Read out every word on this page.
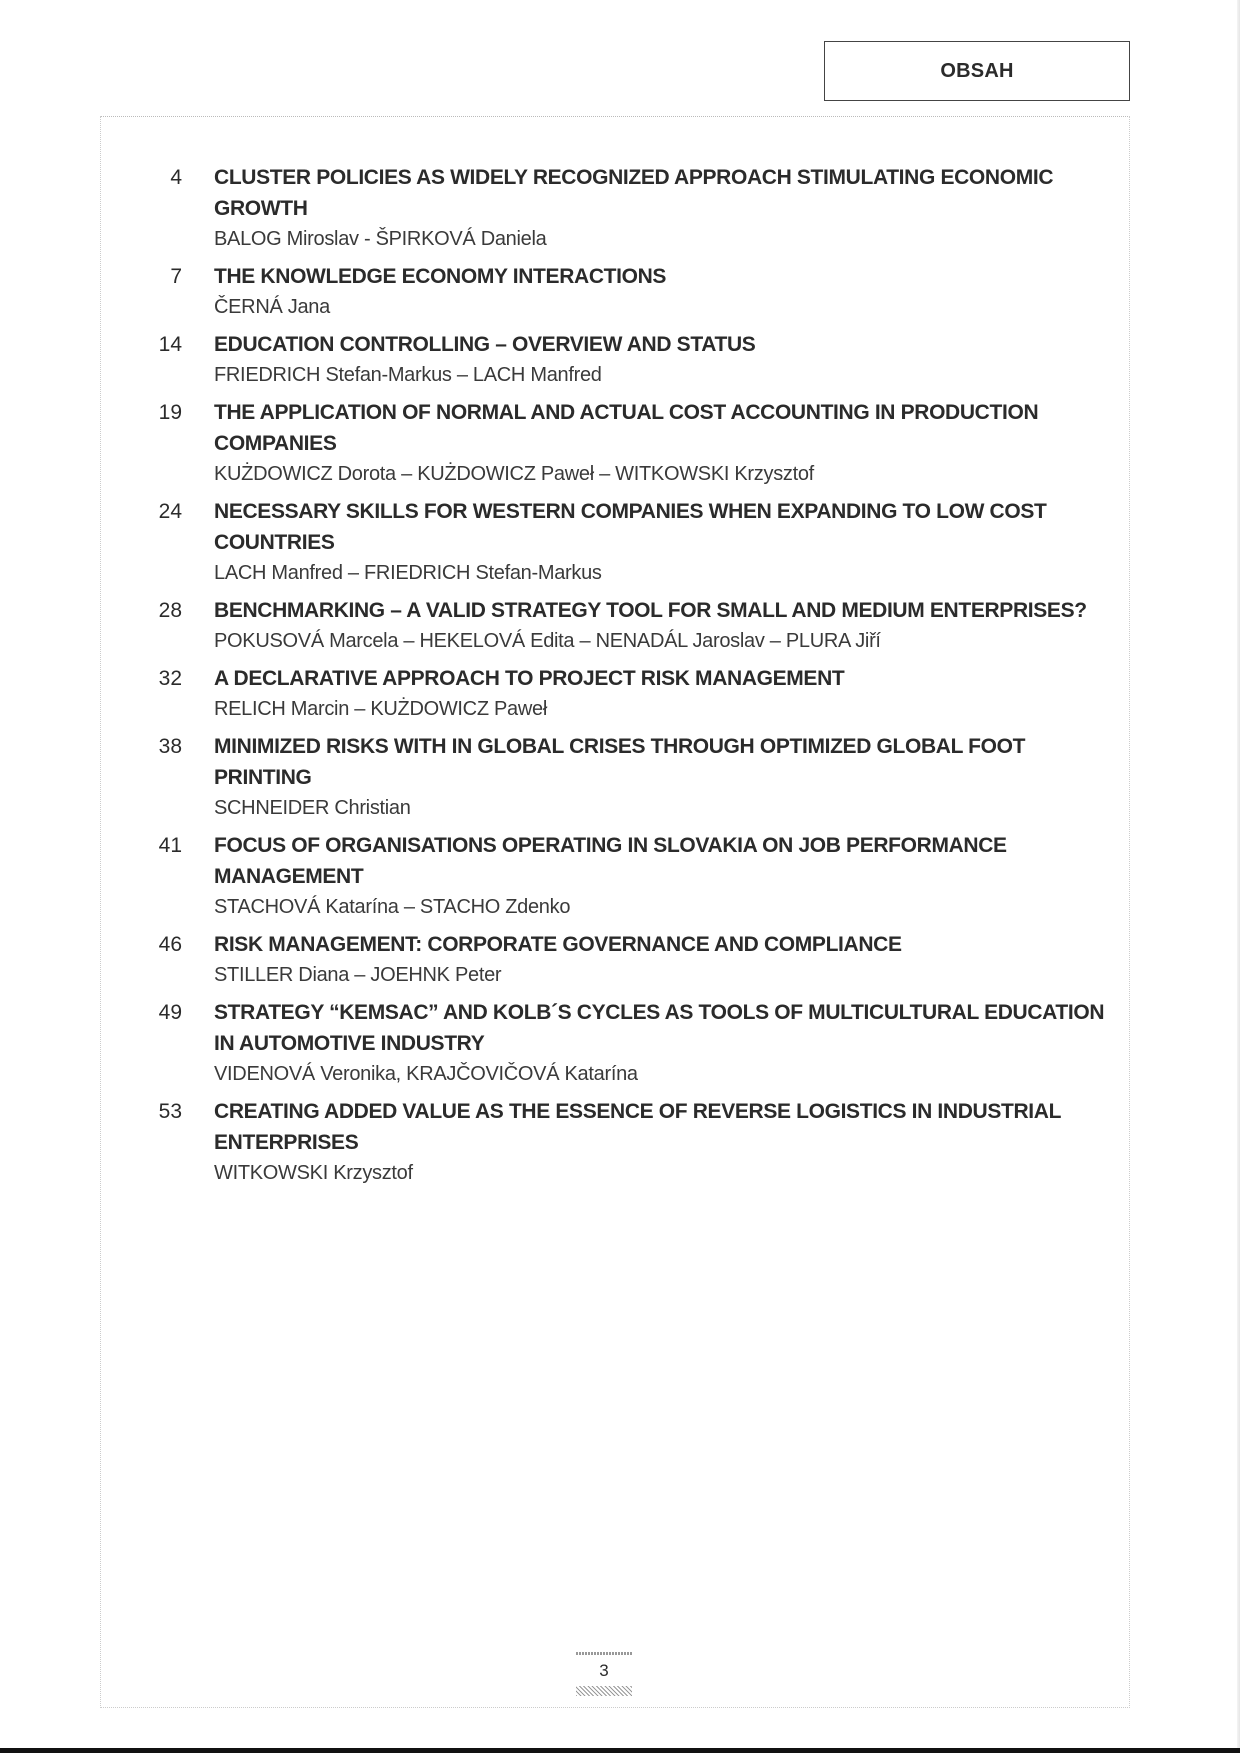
OBSAH
4	CLUSTER POLICIES AS WIDELY RECOGNIZED APPROACH STIMULATING ECONOMIC GROWTH
BALOG Miroslav - ŠPIRKOVÁ Daniela
7	THE KNOWLEDGE ECONOMY INTERACTIONS
ČERNÁ Jana
14	EDUCATION CONTROLLING – OVERVIEW AND STATUS
FRIEDRICH Stefan-Markus – LACH Manfred
19	THE APPLICATION OF NORMAL AND ACTUAL COST ACCOUNTING IN PRODUCTION COMPANIES
KUŻDOWICZ Dorota – KUŻDOWICZ Paweł – WITKOWSKI Krzysztof
24	NECESSARY SKILLS FOR WESTERN COMPANIES WHEN EXPANDING TO LOW COST COUNTRIES
LACH Manfred – FRIEDRICH Stefan-Markus
28	BENCHMARKING – A VALID STRATEGY TOOL FOR SMALL AND MEDIUM ENTERPRISES?
POKUSOVÁ Marcela – HEKELOVÁ Edita – NENADÁL Jaroslav – PLURA Jiří
32	A DECLARATIVE APPROACH TO PROJECT RISK MANAGEMENT
RELICH Marcin – KUŻDOWICZ Paweł
38	MINIMIZED RISKS WITH IN GLOBAL CRISES THROUGH OPTIMIZED GLOBAL FOOT PRINTING
SCHNEIDER Christian
41	FOCUS OF ORGANISATIONS OPERATING IN SLOVAKIA ON JOB PERFORMANCE MANAGEMENT
STACHOVÁ Katarína – STACHO Zdenko
46	RISK MANAGEMENT: CORPORATE GOVERNANCE AND COMPLIANCE
STILLER Diana – JOEHNK Peter
49	STRATEGY “KEMSAC” AND KOLB´S CYCLES AS TOOLS OF MULTICULTURAL EDUCATION IN AUTOMOTIVE INDUSTRY
VIDENOVÁ Veronika, KRAJČOVIČOVÁ Katarína
53	CREATING ADDED VALUE AS THE ESSENCE OF REVERSE LOGISTICS IN INDUSTRIAL ENTERPRISES
WITKOWSKI Krzysztof
3
